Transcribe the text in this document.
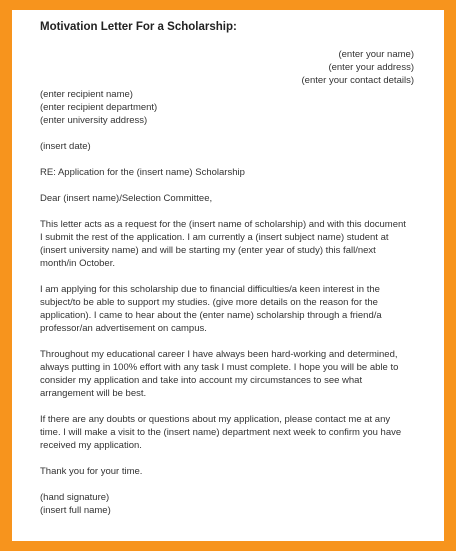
Motivation Letter For a Scholarship:
(enter your name)
(enter your address)
(enter your contact details)
(enter recipient name)
(enter recipient department)
(enter university address)
(insert date)
RE: Application for the (insert name) Scholarship
Dear (insert name)/Selection Committee,
This letter acts as a request for the (insert name of scholarship) and with this document
I submit the rest of the application. I am currently a (insert subject name) student at
(insert university name) and will be starting my (enter year of study) this fall/next
month/in October.
I am applying for this scholarship due to financial difficulties/a keen interest in the
subject/to be able to support my studies. (give more details on the reason for the
application). I came to hear about the (enter name) scholarship through a friend/a
professor/an advertisement on campus.
Throughout my educational career I have always been hard-working and determined,
always putting in 100% effort with any task I must complete. I hope you will be able to
consider my application and take into account my circumstances to see what
arrangement will be best.
If there are any doubts or questions about my application, please contact me at any
time. I will make a visit to the (insert name) department next week to confirm you have
received my application.
Thank you for your time.
(hand signature)
(insert full name)
